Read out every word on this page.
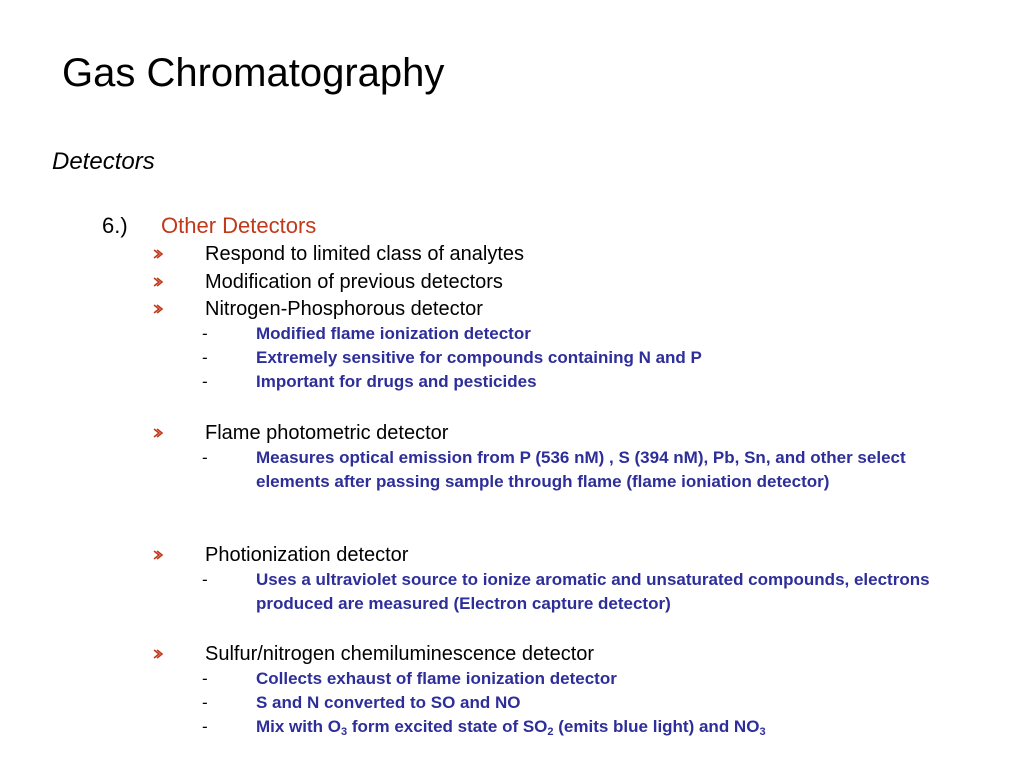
Gas Chromatography
Detectors
6.) Other Detectors
Respond to limited class of analytes
Modification of previous detectors
Nitrogen-Phosphorous detector
-	Modified flame ionization detector
-	Extremely sensitive for compounds containing N and P
-	Important for drugs and pesticides
Flame photometric detector
-	Measures optical emission from P (536 nM) , S (394 nM), Pb, Sn, and other select elements after passing sample through flame (flame ioniation detector)
Photionization detector
-	Uses a ultraviolet source to ionize aromatic and unsaturated compounds, electrons produced are measured (Electron capture detector)
Sulfur/nitrogen chemiluminescence detector
-	Collects exhaust of flame ionization detector
-	S and N converted to SO and NO
-	Mix with $O_3$ form excited state of $SO_2$ (emits blue light) and $NO_3$
